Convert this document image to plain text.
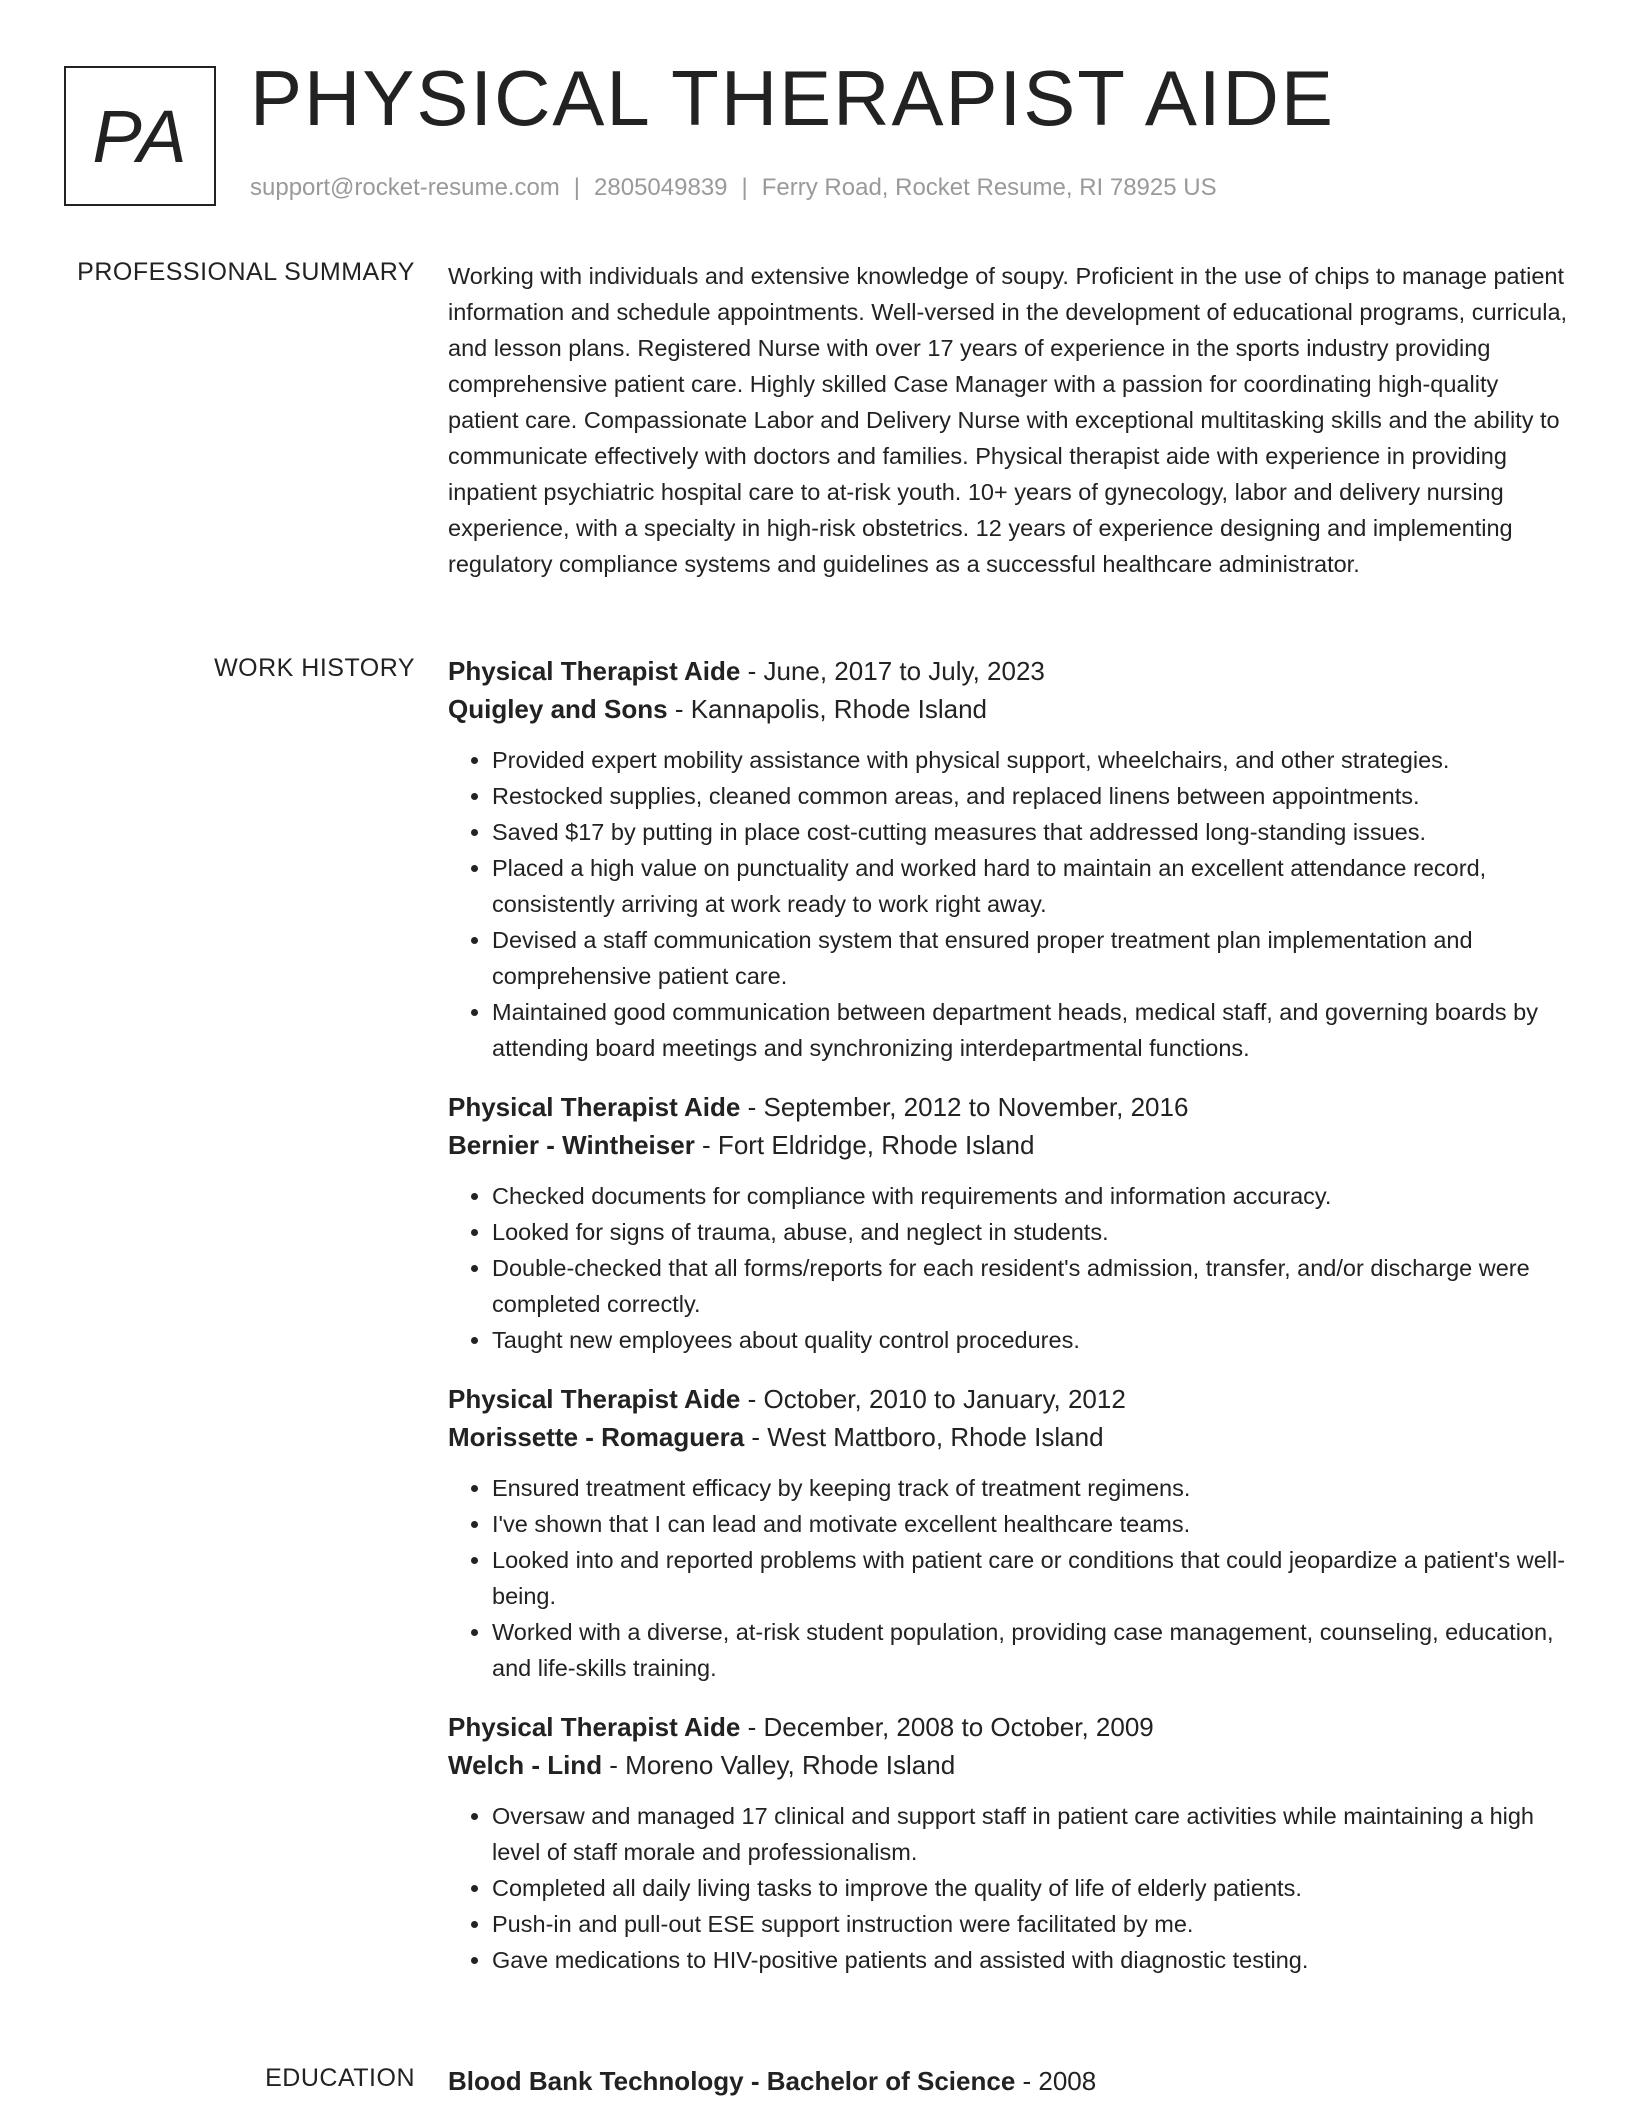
PA PHYSICAL THERAPIST AIDE
support@rocket-resume.com | 2805049839 | Ferry Road, Rocket Resume, RI 78925 US
PROFESSIONAL SUMMARY Working with individuals and extensive knowledge of soupy. Proficient in the use of chips to manage patient information and schedule appointments. Well-versed in the development of educational programs, curricula, and lesson plans. Registered Nurse with over 17 years of experience in the sports industry providing comprehensive patient care. Highly skilled Case Manager with a passion for coordinating high-quality patient care. Compassionate Labor and Delivery Nurse with exceptional multitasking skills and the ability to communicate effectively with doctors and families. Physical therapist aide with experience in providing inpatient psychiatric hospital care to at-risk youth. 10+ years of gynecology, labor and delivery nursing experience, with a specialty in high-risk obstetrics. 12 years of experience designing and implementing regulatory compliance systems and guidelines as a successful healthcare administrator.

WORK HISTORY Physical Therapist Aide - June, 2017 to July, 2023
Quigley and Sons - Kannapolis, Rhode Island
• Provided expert mobility assistance with physical support, wheelchairs, and other strategies.
• Restocked supplies, cleaned common areas, and replaced linens between appointments.
• Saved $17 by putting in place cost-cutting measures that addressed long-standing issues.
• Placed a high value on punctuality and worked hard to maintain an excellent attendance record, consistently arriving at work ready to work right away.
• Devised a staff communication system that ensured proper treatment plan implementation and comprehensive patient care.
• Maintained good communication between department heads, medical staff, and governing boards by attending board meetings and synchronizing interdepartmental functions.
Physical Therapist Aide - September, 2012 to November, 2016
Bernier - Wintheiser - Fort Eldridge, Rhode Island
• Checked documents for compliance with requirements and information accuracy.
• Looked for signs of trauma, abuse, and neglect in students.
• Double-checked that all forms/reports for each resident's admission, transfer, and/or discharge were completed correctly.
• Taught new employees about quality control procedures.
Physical Therapist Aide - October, 2010 to January, 2012
Morissette - Romaguera - West Mattboro, Rhode Island
• Ensured treatment efficacy by keeping track of treatment regimens.
• I've shown that I can lead and motivate excellent healthcare teams.
• Looked into and reported problems with patient care or conditions that could jeopardize a patient's well-being.
• Worked with a diverse, at-risk student population, providing case management, counseling, education, and life-skills training.
Physical Therapist Aide - December, 2008 to October, 2009
Welch - Lind - Moreno Valley, Rhode Island
• Oversaw and managed 17 clinical and support staff in patient care activities while maintaining a high level of staff morale and professionalism.
• Completed all daily living tasks to improve the quality of life of elderly patients.
• Push-in and pull-out ESE support instruction were facilitated by me.
• Gave medications to HIV-positive patients and assisted with diagnostic testing.
EDUCATION Blood Bank Technology - Bachelor of Science - 2008
